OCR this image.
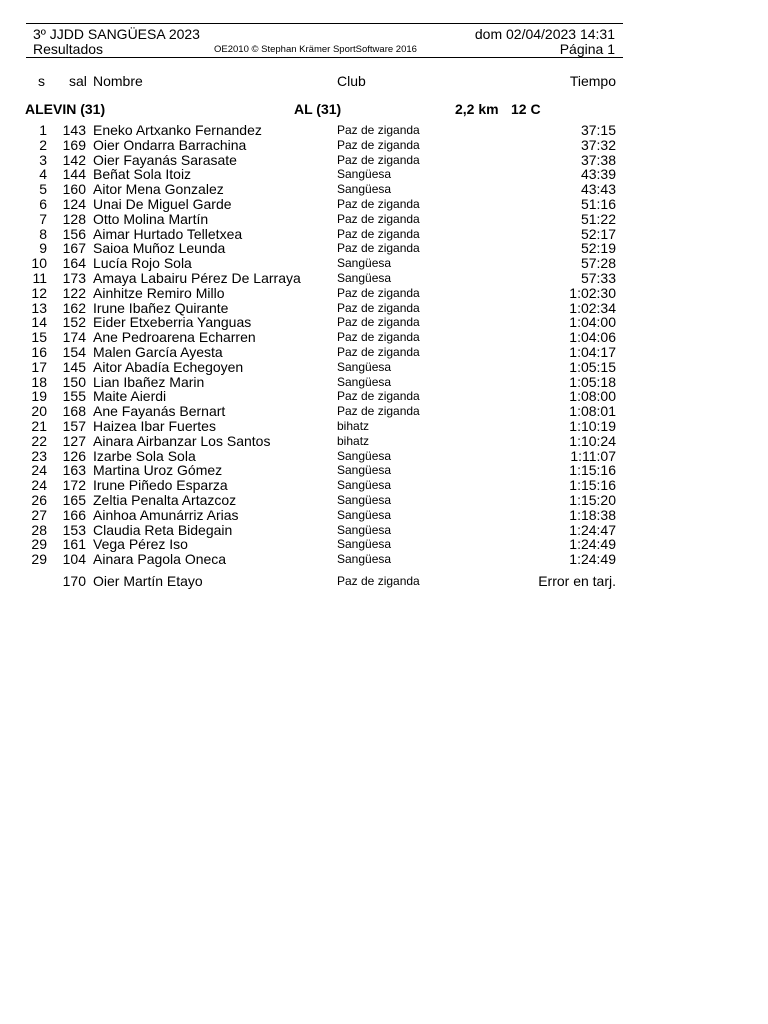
3º JJDD SANGÜESA 2023	dom 02/04/2023 14:31
Resultados	OE2010 © Stephan Krämer SportSoftware 2016	Página 1
s sal Nombre	Club	Tiempo
ALEVIN (31)	AL (31)	2,2 km 12 C
1 143 Eneko Artxanko Fernandez	Paz de ziganda	37:15
2 169 Oier Ondarra Barrachina	Paz de ziganda	37:32
3 142 Oier Fayanás Sarasate	Paz de ziganda	37:38
4 144 Beñat Sola Itoiz	Sangüesa	43:39
5 160 Aitor Mena Gonzalez	Sangüesa	43:43
6 124 Unai De Miguel Garde	Paz de ziganda	51:16
7 128 Otto Molina Martín	Paz de ziganda	51:22
8 156 Aimar Hurtado Telletxea	Paz de ziganda	52:17
9 167 Saioa Muñoz Leunda	Paz de ziganda	52:19
10 164 Lucía Rojo Sola	Sangüesa	57:28
11 173 Amaya Labairu Pérez De Larraya	Sangüesa	57:33
12 122 Ainhitze Remiro Millo	Paz de ziganda	1:02:30
13 162 Irune Ibañez Quirante	Paz de ziganda	1:02:34
14 152 Eider Etxeberria Yanguas	Paz de ziganda	1:04:00
15 174 Ane Pedroarena Echarren	Paz de ziganda	1:04:06
16 154 Malen García Ayesta	Paz de ziganda	1:04:17
17 145 Aitor Abadía Echegoyen	Sangüesa	1:05:15
18 150 Lian Ibañez Marin	Sangüesa	1:05:18
19 155 Maite Aierdi	Paz de ziganda	1:08:00
20 168 Ane Fayanás Bernart	Paz de ziganda	1:08:01
21 157 Haizea Ibar Fuertes	bihatz	1:10:19
22 127 Ainara Airbanzar Los Santos	bihatz	1:10:24
23 126 Izarbe Sola Sola	Sangüesa	1:11:07
24 163 Martina Uroz Gómez	Sangüesa	1:15:16
24 172 Irune Piñedo Esparza	Sangüesa	1:15:16
26 165 Zeltia Penalta Artazcoz	Sangüesa	1:15:20
27 166 Ainhoa Amunárriz Arias	Sangüesa	1:18:38
28 153 Claudia Reta Bidegain	Sangüesa	1:24:47
29 161 Vega Pérez Iso	Sangüesa	1:24:49
29 104 Ainara Pagola Oneca	Sangüesa	1:24:49
170 Oier Martín Etayo	Paz de ziganda	Error en tarj.
